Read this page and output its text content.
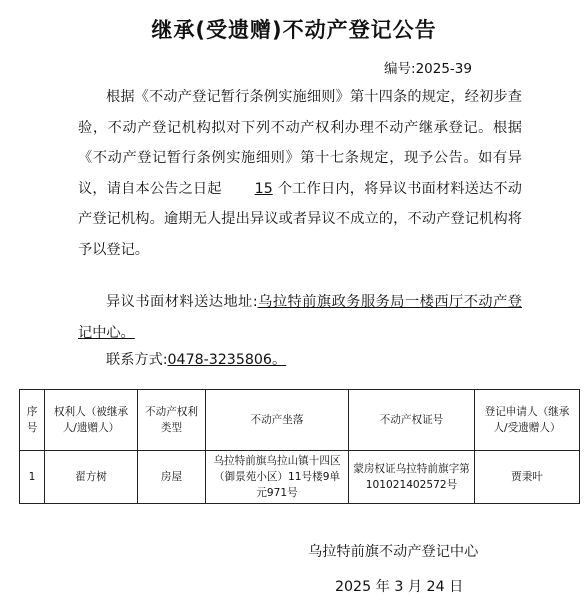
继承(受遗赠)不动产登记公告
编号:2025-39

根据《不动产登记暂行条例实施细则》第十四条的规定，经初步查验，不动产登记机构拟对下列不动产权利办理不动产继承登记。根据《不动产登记暂行条例实施细则》第十七条规定，现予公告。如有异议，请自本公告之日起 15 个工作日内，将异议书面材料送达不动产登记机构。逾期无人提出异议或者异议不成立的，不动产登记机构将予以登记。

异议书面材料送达地址:乌拉特前旗政务服务局一楼西厅不动产登记中心。

联系方式:0478-3235806。

序号	权利人（被继承人/遗赠人）	不动产权利类型	不动产坐落	不动产权证号	登记申请人（继承人/受遗赠人）
1	翟方树	房屋	乌拉特前旗乌拉山镇十四区（御景苑小区）11号楼9单元971号	蒙房权证乌拉特前旗字第101021402572号	贾秉叶
乌拉特前旗不动产登记中心
2025 年 3 月 24 日
